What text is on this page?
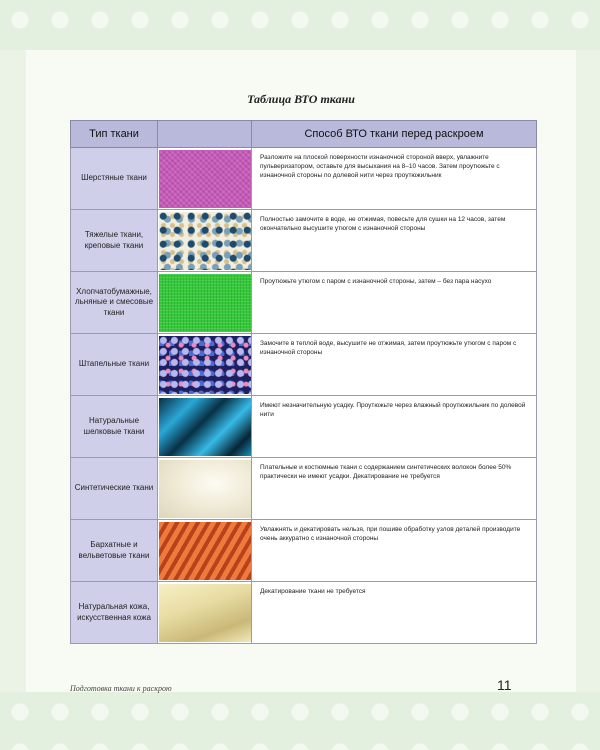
Таблица ВТО ткани
Тип ткани		Способ ВТО ткани перед раскроем
Шерстяные ткани		Разложите на плоской поверхности изнаночной стороной вверх, увлажните пульверизатором, оставьте для высыхания на 8–10 часов. Затем проутюжьте с изнаночной стороны по долевой нити через проутюжильник
Тяжелые ткани, креповые ткани		Полностью замочите в воде, не отжимая, повесьте для сушки на 12 часов, затем окончательно высушите утюгом с изнаночной стороны
Хлопчатобумажные, льняные и смесовые ткани		Проутюжьте утюгом с паром с изнаночной стороны, затем – без пара насухо
Штапельные ткани		Замочите в теплой воде, высушите не отжимая, затем проутюжьте утюгом с паром с изнаночной стороны
Натуральные шелковые ткани		Имеют незначительную усадку. Проутюжьте через влажный проутюжильник по долевой нити
Синтетические ткани		Плательные и костюмные ткани с содержанием синтетических волокон более 50% практически не имеют усадки. Декатирование не требуется
Бархатные и вельветовые ткани		Увлажнять и декатировать нельзя, при пошиве обработку узлов деталей производите очень аккуратно с изнаночной стороны
Натуральная кожа, искусственная кожа		Декатирование ткани не требуется
Подготовка ткани к раскрою	11
